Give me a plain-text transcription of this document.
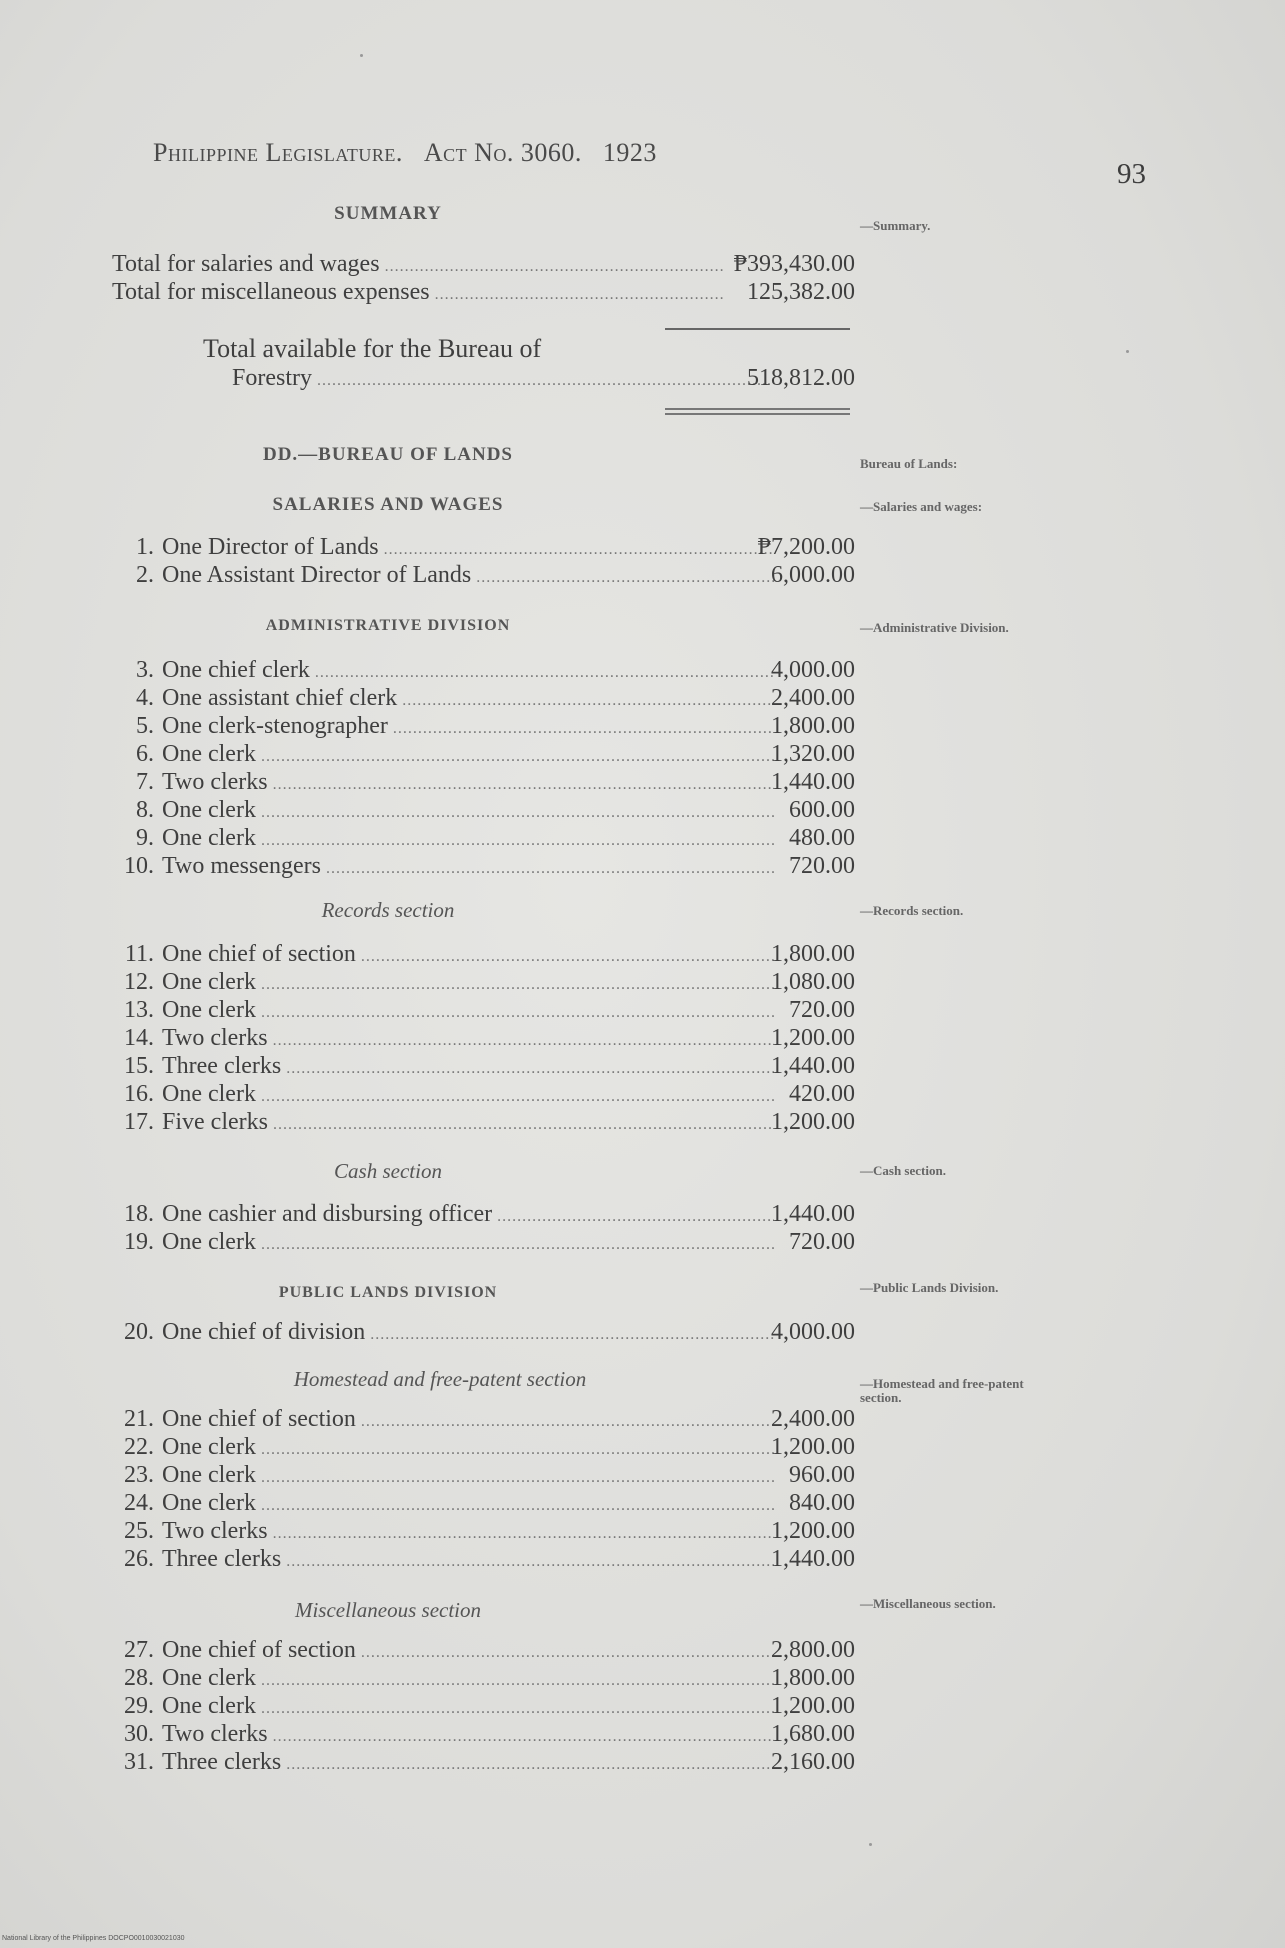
Philippine Legislature. Act No. 3060. 1923
93
SUMMARY
—Summary.
Total for salaries and wages .....	₱393,430.00
Total for miscellaneous expenses .....	125,382.00
Total available for the Bureau of
Forestry .....	518,812.00
DD.—BUREAU OF LANDS	Bureau of Lands:
SALARIES AND WAGES	—Salaries and wages:
1. One Director of Lands .....	₱7,200.00
2. One Assistant Director of Lands .....	6,000.00
ADMINISTRATIVE DIVISION	—Administrative Division.
3. One chief clerk .....	4,000.00
4. One assistant chief clerk .....	2,400.00
5. One clerk-stenographer .....	1,800.00
6. One clerk .....	1,320.00
7. Two clerks .....	1,440.00
8. One clerk .....	600.00
9. One clerk .....	480.00
10. Two messengers .....	720.00
Records section	—Records section.
11. One chief of section .....	1,800.00
12. One clerk .....	1,080.00
13. One clerk .....	720.00
14. Two clerks .....	1,200.00
15. Three clerks .....	1,440.00
16. One clerk .....	420.00
17. Five clerks .....	1,200.00
Cash section	—Cash section.
18. One cashier and disbursing officer .....	1,440.00
19. One clerk .....	720.00
PUBLIC LANDS DIVISION	—Public Lands Division.
20. One chief of division .....	4,000.00
Homestead and free-patent section	—Homestead and free-patent section.
21. One chief of section .....	2,400.00
22. One clerk .....	1,200.00
23. One clerk .....	960.00
24. One clerk .....	840.00
25. Two clerks .....	1,200.00
26. Three clerks .....	1,440.00
Miscellaneous section	—Miscellaneous section.
27. One chief of section .....	2,800.00
28. One clerk .....	1,800.00
29. One clerk .....	1,200.00
30. Two clerks .....	1,680.00
31. Three clerks .....	2,160.00
National Library of the Philippines DOCPO0010030021030
